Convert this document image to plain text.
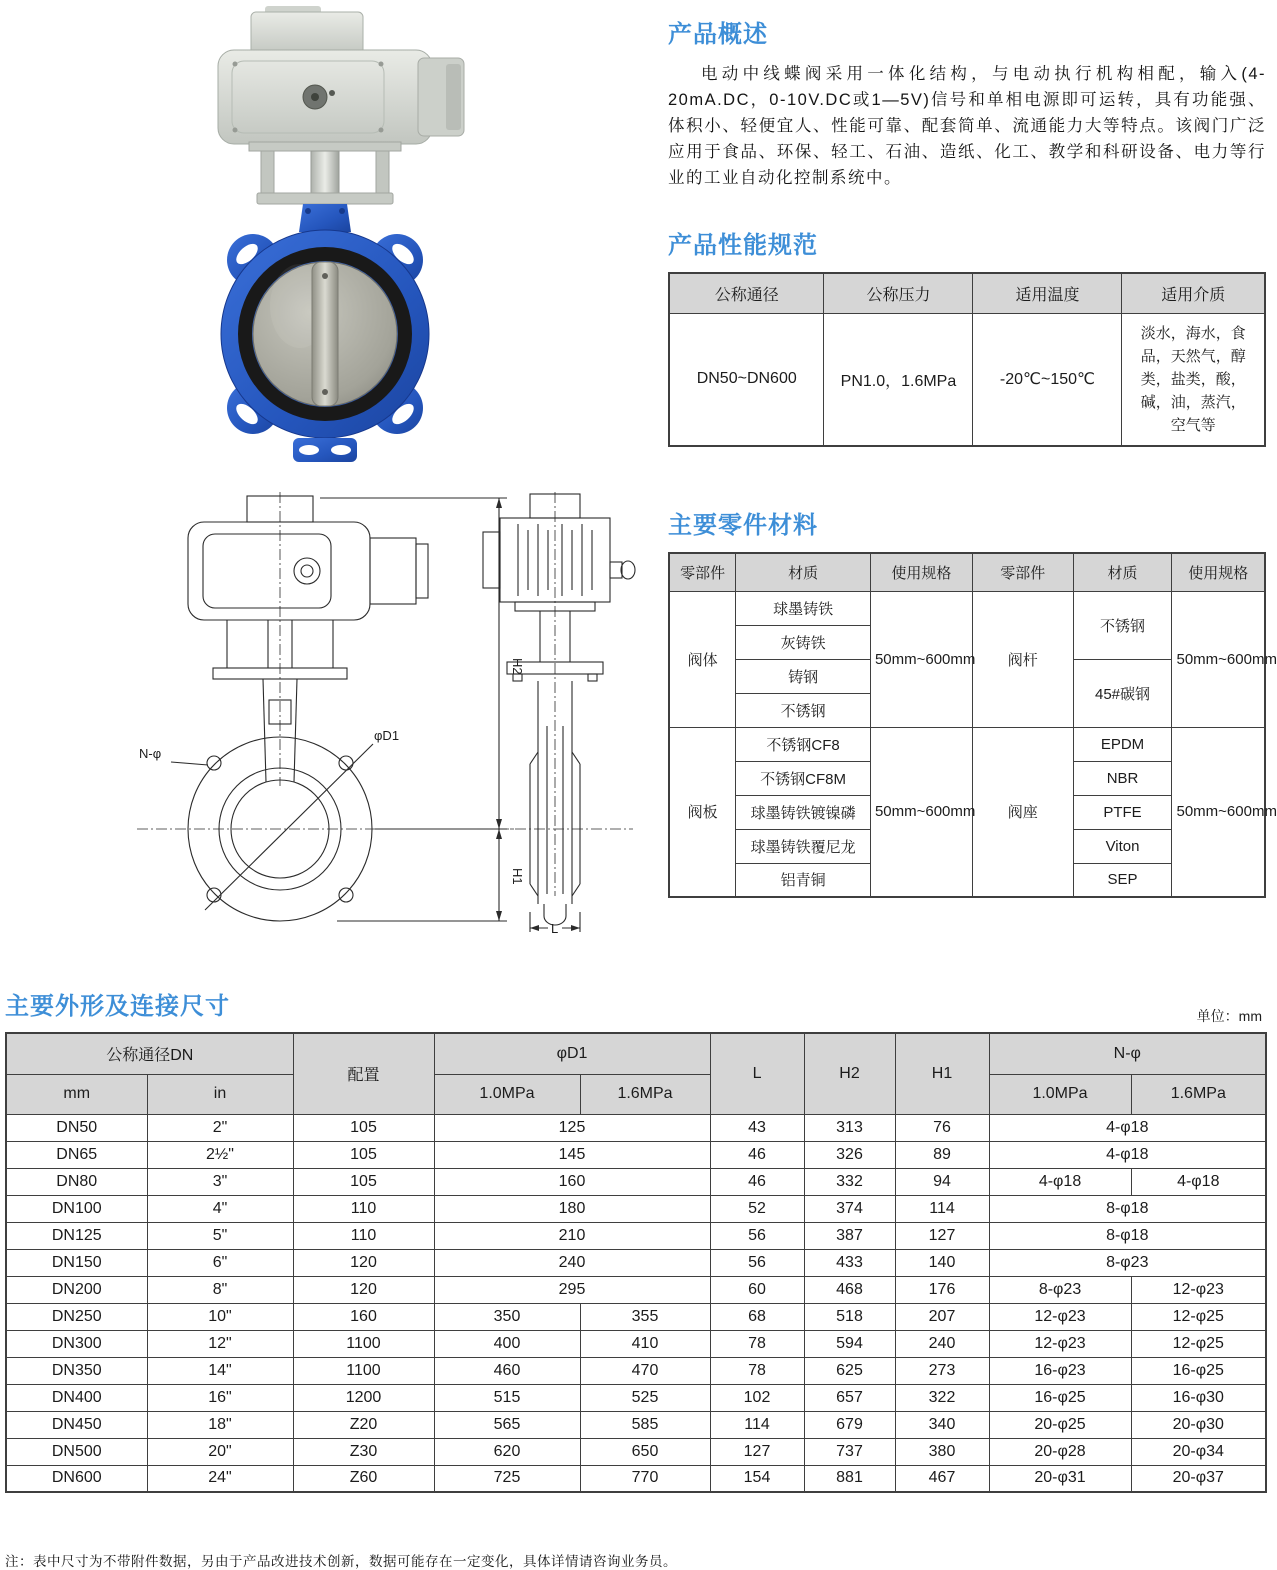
产品概述

电动中线蝶阀采用一体化结构，与电动执行机构相配，输入(4-20mA.DC，0-10V.DC或1—5V)信号和单相电源即可运转，具有功能强、体积小、轻便宜人、性能可靠、配套简单、流通能力大等特点。该阀门广泛应用于食品、环保、轻工、石油、造纸、化工、教学和科研设备、电力等行业的工业自动化控制系统中。

产品性能规范
公称通径	公称压力	适用温度	适用介质
DN50~DN600	PN1.0，1.6MPa	-20℃~150℃	淡水，海水，食品，天然气，醇类，盐类，酸，碱，油，蒸汽，空气等
φD1
N-φ
H2
H1
L
主要零件材料
零部件	材质	使用规格	零部件	材质	使用规格
阀体	球墨铸铁	50mm~600mm	阀杆	不锈钢	50mm~600mm
	灰铸铁				
	铸钢			45#碳钢	
	不锈钢				
阀板	不锈钢CF8	50mm~600mm	阀座	EPDM	50mm~600mm
	不锈钢CF8M			NBR	
	球墨铸铁镀镍磷			PTFE	
	球墨铸铁覆尼龙			Viton	
	铝青铜			SEP	
主要外形及连接尺寸	单位：mm
公称通径DN		配置	φD1		L	H2	H1	N-φ	
mm	in		1.0MPa	1.6MPa				1.0MPa	1.6MPa
DN50	2"	105	125		43	313	76	4-φ18	
DN65	2½"	105	145		46	326	89	4-φ18	
DN80	3"	105	160		46	332	94	4-φ18	4-φ18
DN100	4"	110	180		52	374	114	8-φ18	
DN125	5"	110	210		56	387	127	8-φ18	
DN150	6"	120	240		56	433	140	8-φ23	
DN200	8"	120	295		60	468	176	8-φ23	12-φ23
DN250	10"	160	350	355	68	518	207	12-φ23	12-φ25
DN300	12"	1100	400	410	78	594	240	12-φ23	12-φ25
DN350	14"	1100	460	470	78	625	273	16-φ23	16-φ25
DN400	16"	1200	515	525	102	657	322	16-φ25	16-φ30
DN450	18"	Z20	565	585	114	679	340	20-φ25	20-φ30
DN500	20"	Z30	620	650	127	737	380	20-φ28	20-φ34
DN600	24"	Z60	725	770	154	881	467	20-φ31	20-φ37

注：表中尺寸为不带附件数据，另由于产品改进技术创新，数据可能存在一定变化，具体详情请咨询业务员。
